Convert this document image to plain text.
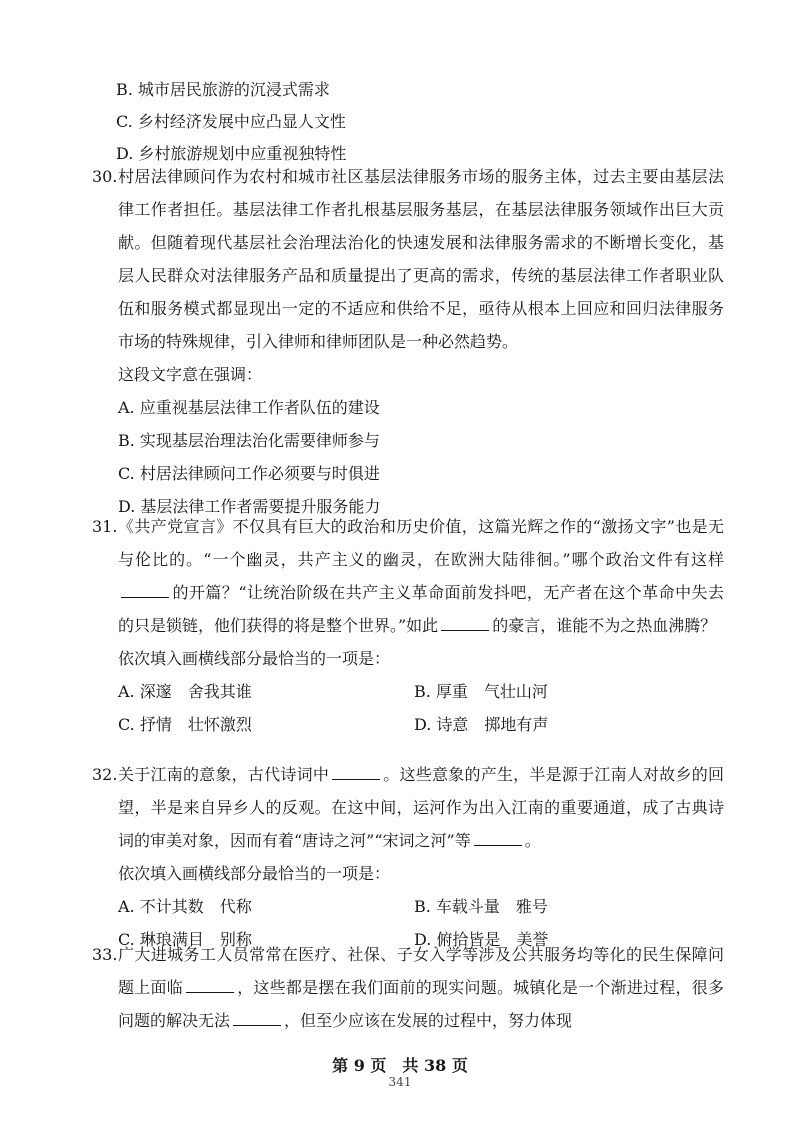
B. 城市居民旅游的沉浸式需求
C. 乡村经济发展中应凸显人文性
D. 乡村旅游规划中应重视独特性
30. 村居法律顾问作为农村和城市社区基层法律服务市场的服务主体，过去主要由基层法律工作者担任。基层法律工作者扎根基层服务基层，在基层法律服务领域作出巨大贡献。但随着现代基层社会治理法治化的快速发展和法律服务需求的不断增长变化，基层人民群众对法律服务产品和质量提出了更高的需求，传统的基层法律工作者职业队伍和服务模式都显现出一定的不适应和供给不足，亟待从根本上回应和回归法律服务市场的特殊规律，引入律师和律师团队是一种必然趋势。
这段文字意在强调：
A. 应重视基层法律工作者队伍的建设
B. 实现基层治理法治化需要律师参与
C. 村居法律顾问工作必须要与时俱进
D. 基层法律工作者需要提升服务能力
31. 《共产党宣言》不仅具有巨大的政治和历史价值，这篇光辉之作的“激扬文字”也是无与伦比的。“一个幽灵，共产主义的幽灵，在欧洲大陆徘徊。”哪个政治文件有这样的开篇？“让统治阶级在共产主义革命面前发抖吧，无产者在这个革命中失去的只是锁链，他们获得的将是整个世界。”如此	的豪言，谁能不为之热血沸腾？
依次填入画横线部分最恰当的一项是：
A. 深邃　舍我其谁	B. 厚重　气壮山河
C. 抒情　壮怀激烈	D. 诗意　掷地有声
32. 关于江南的意象，古代诗词中	。这些意象的产生，半是源于江南人对故乡的回望，半是来自异乡人的反观。在这中间，运河作为出入江南的重要通道，成了古典诗词的审美对象，因而有着“唐诗之河”“宋词之河”等	。
依次填入画横线部分最恰当的一项是：
A. 不计其数　代称	B. 车载斗量　雅号
C. 琳琅满目　别称	D. 俯拾皆是　美誉
33. 广大进城务工人员常常在医疗、社保、子女入学等涉及公共服务均等化的民生保障问题上面临	，这些都是摆在我们面前的现实问题。城镇化是一个渐进过程，很多问题的解决无法	，但至少应该在发展的过程中，努力体现
第 9 页　共 38 页
341
